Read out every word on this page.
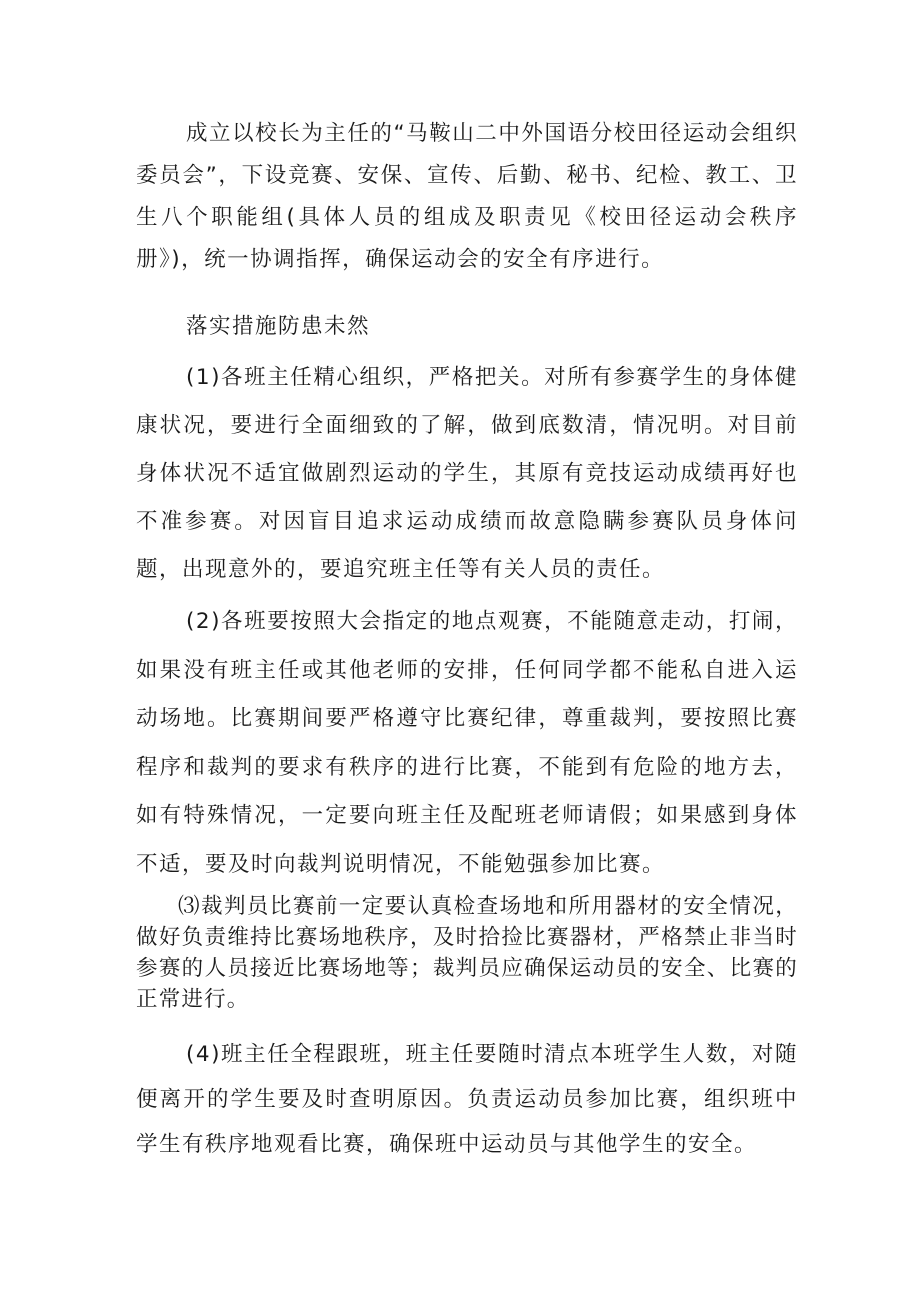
成立以校长为主任的“马鞍山二中外国语分校田径运动会组织委员会”，下设竞赛、安保、宣传、后勤、秘书、纪检、教工、卫生八个职能组(具体人员的组成及职责见《校田径运动会秩序册》)，统一协调指挥，确保运动会的安全有序进行。

落实措施防患未然

(1)各班主任精心组织，严格把关。对所有参赛学生的身体健康状况，要进行全面细致的了解，做到底数清，情况明。对目前身体状况不适宜做剧烈运动的学生，其原有竞技运动成绩再好也不准参赛。对因盲目追求运动成绩而故意隐瞒参赛队员身体问题，出现意外的，要追究班主任等有关人员的责任。

(2)各班要按照大会指定的地点观赛，不能随意走动，打闹，如果没有班主任或其他老师的安排，任何同学都不能私自进入运动场地。比赛期间要严格遵守比赛纪律，尊重裁判，要按照比赛程序和裁判的要求有秩序的进行比赛，不能到有危险的地方去，如有特殊情况，一定要向班主任及配班老师请假；如果感到身体不适，要及时向裁判说明情况，不能勉强参加比赛。

⑶裁判员比赛前一定要认真检查场地和所用器材的安全情况，做好负责维持比赛场地秩序，及时拾捡比赛器材，严格禁止非当时参赛的人员接近比赛场地等；裁判员应确保运动员的安全、比赛的正常进行。

(4)班主任全程跟班，班主任要随时清点本班学生人数，对随便离开的学生要及时查明原因。负责运动员参加比赛，组织班中学生有秩序地观看比赛，确保班中运动员与其他学生的安全。
